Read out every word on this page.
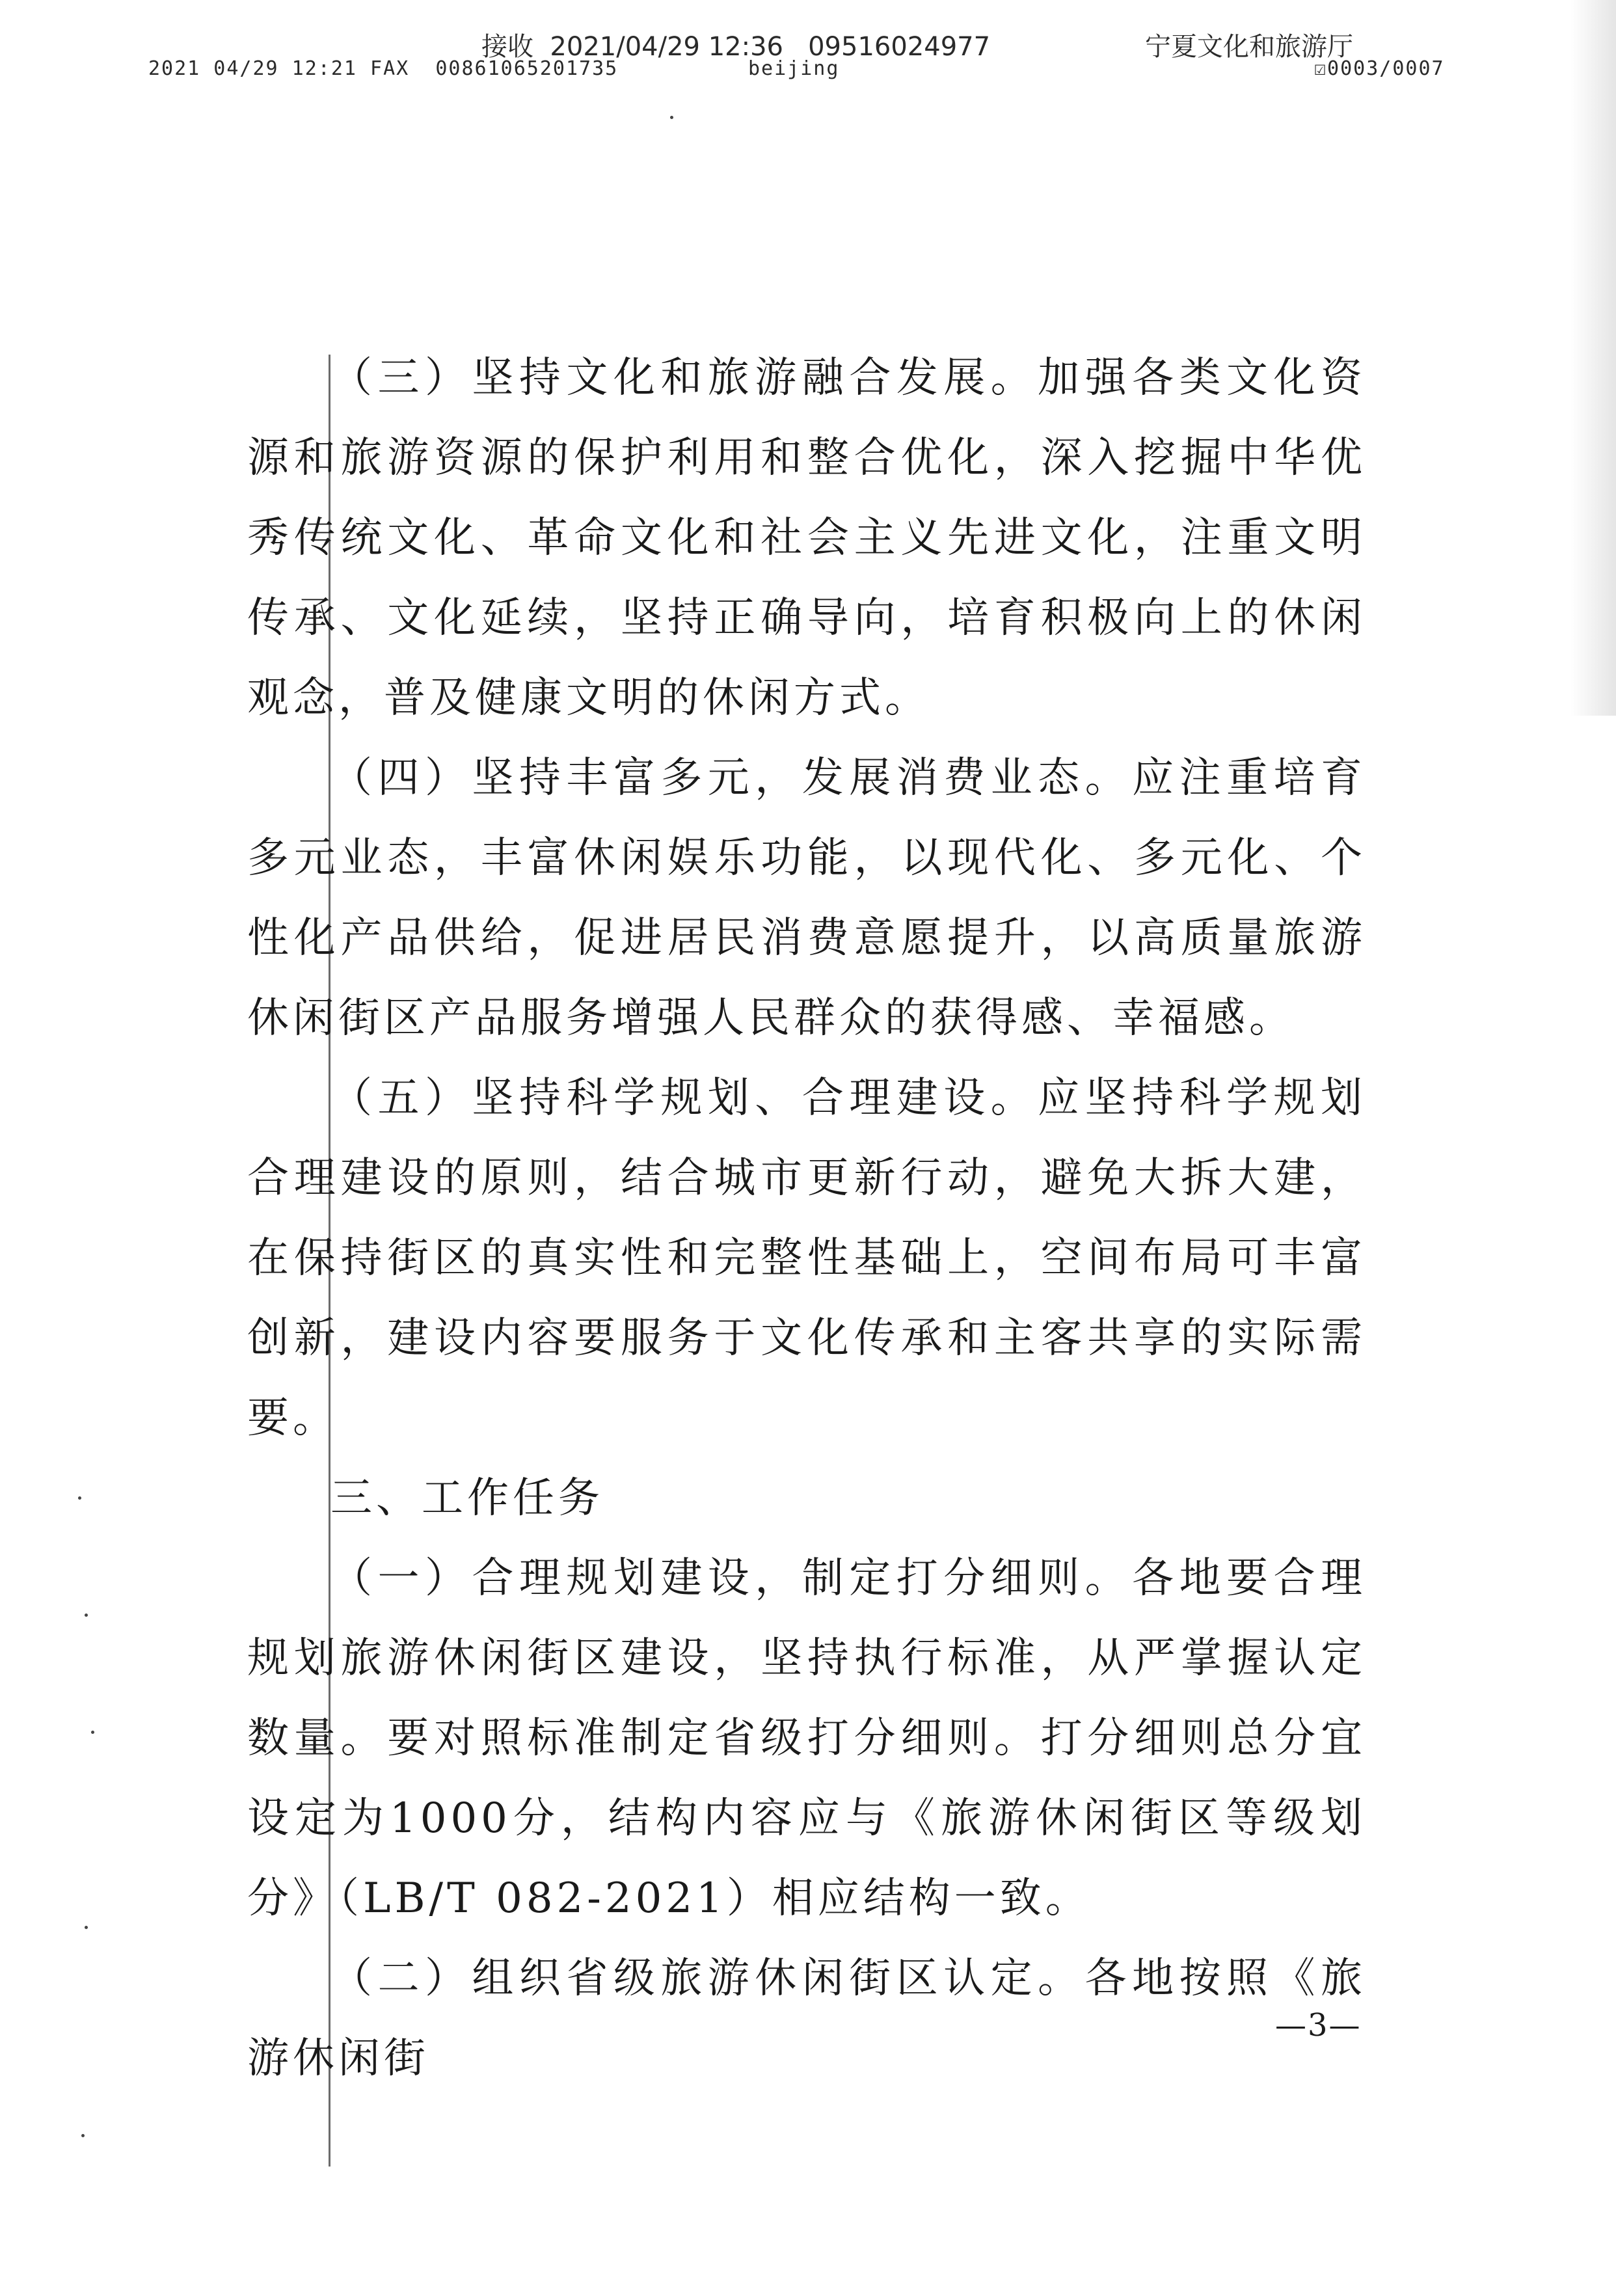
接收  2021/04/29 12:36   09516024977	宁夏文化和旅游厅
2021 04/29 12:21 FAX  00861065201735	beijing	☑0003/0007

（三）坚持文化和旅游融合发展。加强各类文化资源和旅游资源的保护利用和整合优化，深入挖掘中华优秀传统文化、革命文化和社会主义先进文化，注重文明传承、文化延续，坚持正确导向，培育积极向上的休闲观念，普及健康文明的休闲方式。

（四）坚持丰富多元，发展消费业态。应注重培育多元业态，丰富休闲娱乐功能，以现代化、多元化、个性化产品供给，促进居民消费意愿提升，以高质量旅游休闲街区产品服务增强人民群众的获得感、幸福感。

（五）坚持科学规划、合理建设。应坚持科学规划合理建设的原则，结合城市更新行动，避免大拆大建，在保持街区的真实性和完整性基础上，空间布局可丰富创新，建设内容要服务于文化传承和主客共享的实际需要。

三、工作任务

（一）合理规划建设，制定打分细则。各地要合理规划旅游休闲街区建设，坚持执行标准，从严掌握认定数量。要对照标准制定省级打分细则。打分细则总分宜设定为1000分，结构内容应与《旅游休闲街区等级划分》（LB/T 082-2021）相应结构一致。

（二）组织省级旅游休闲街区认定。各地按照《旅游休闲街

—3—
